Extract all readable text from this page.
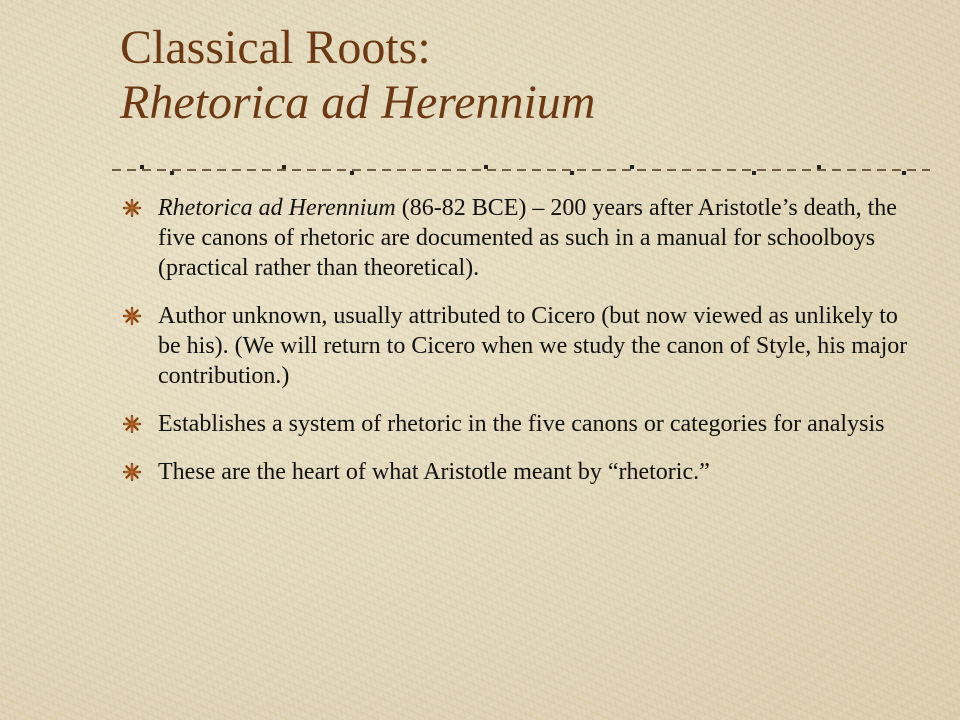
Classical Roots:
Rhetorica ad Herennium
Rhetorica ad Herennium (86-82 BCE) – 200 years after Aristotle’s death, the five canons of rhetoric are documented as such in a manual for schoolboys (practical rather than theoretical).
Author unknown, usually attributed to Cicero (but now viewed as unlikely to be his). (We will return to Cicero when we study the canon of Style, his major contribution.)
Establishes a system of rhetoric in the five canons or categories for analysis
These are the heart of what Aristotle meant by “rhetoric.”
